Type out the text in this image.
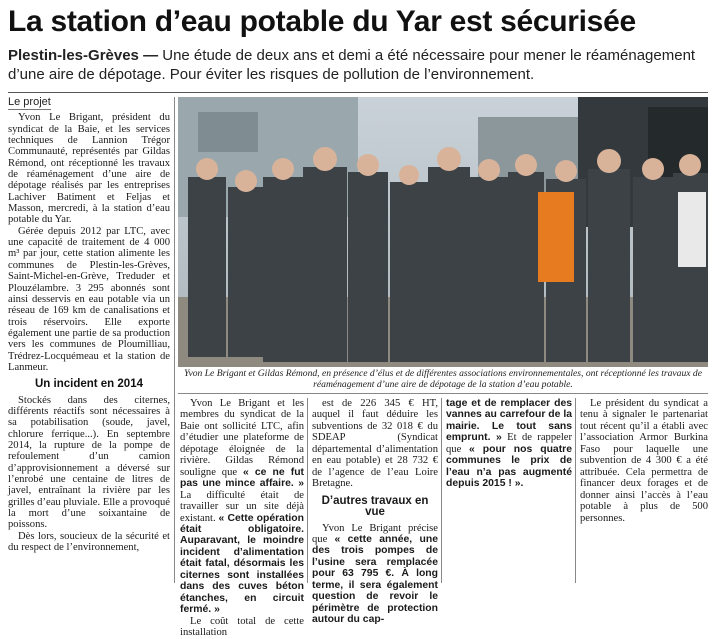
La station d’eau potable du Yar est sécurisée
Plestin-les-Grèves — Une étude de deux ans et demi a été nécessaire pour mener le réaménagement d’une aire de dépotage. Pour éviter les risques de pollution de l’environnement.
Le projet

Yvon Le Brigant, président du syndicat de la Baie, et les services techniques de Lannion Trégor Communauté, représentés par Gildas Rémond, ont réceptionné les travaux de réaménagement d’une aire de dépotage réalisés par les entreprises Lachiver Batiment et Feljas et Masson, mercredi, à la station d’eau potable du Yar.

Gérée depuis 2012 par LTC, avec une capacité de traitement de 4 000 m³ par jour, cette station alimente les communes de Plestin-les-Grèves, Saint-Michel-en-Grève, Treduder et Plouzélambre. 3 295 abonnés sont ainsi desservis en eau potable via un réseau de 169 km de canalisations et trois réservoirs. Elle exporte également une partie de sa production vers les communes de Ploumilliau, Trédrez-Locquémeau et la station de Lanmeur.

Un incident en 2014

Stockés dans des citernes, différents réactifs sont nécessaires à sa potabilisation (soude, javel, chlorure ferrique...). En septembre 2014, la rupture de la pompe de refoulement d’un camion d’approvisionnement a déversé sur l’enrobé une centaine de litres de javel, entraînant la rivière par les grilles d’eau pluviale. Elle a provoqué la mort d’une soixantaine de poissons.

Dès lors, soucieux de la sécurité et du respect de l’environnement,

Yvon Le Brigant et Gildas Rémond, en présence d’élus et de différentes associations environnementales, ont réceptionné les travaux de réaménagement d’une aire de dépotage de la station d’eau potable.

Yvon Le Brigant et les membres du syndicat de la Baie ont sollicité LTC, afin d’étudier une plateforme de dépotage éloignée de la rivière. Gildas Rémond souligne que « ce ne fut pas une mince affaire. » La difficulté était de travailler sur un site déjà existant. « Cette opération était obligatoire. Auparavant, le moindre incident d’alimentation était fatal, désormais les citernes sont installées dans des cuves béton étanches, en circuit fermé. »

Le coût total de cette installation

est de 226 345 € HT, auquel il faut déduire les subventions de 32 018 € du SDEAP (Syndicat départemental d’alimentation en eau potable) et 28 732 € de l’agence de l’eau Loire Bretagne.

D’autres travaux en vue

Yvon Le Brigant précise que « cette année, une des trois pompes de l’usine sera remplacée pour 63 795 €. À long terme, il sera également question de revoir le périmètre de protection autour du cap-

tage et de remplacer des vannes au carrefour de la mairie. Le tout sans emprunt. » Et de rappeler que « pour nos quatre communes le prix de l’eau n’a pas augmenté depuis 2015 ! ».

Le président du syndicat a tenu à signaler le partenariat tout récent qu’il a établi avec l’association Armor Burkina Faso pour laquelle une subvention de 4 300 € a été attribuée. Cela permettra de financer deux forages et de donner ainsi l’accès à l’eau potable à plus de 500 personnes.
